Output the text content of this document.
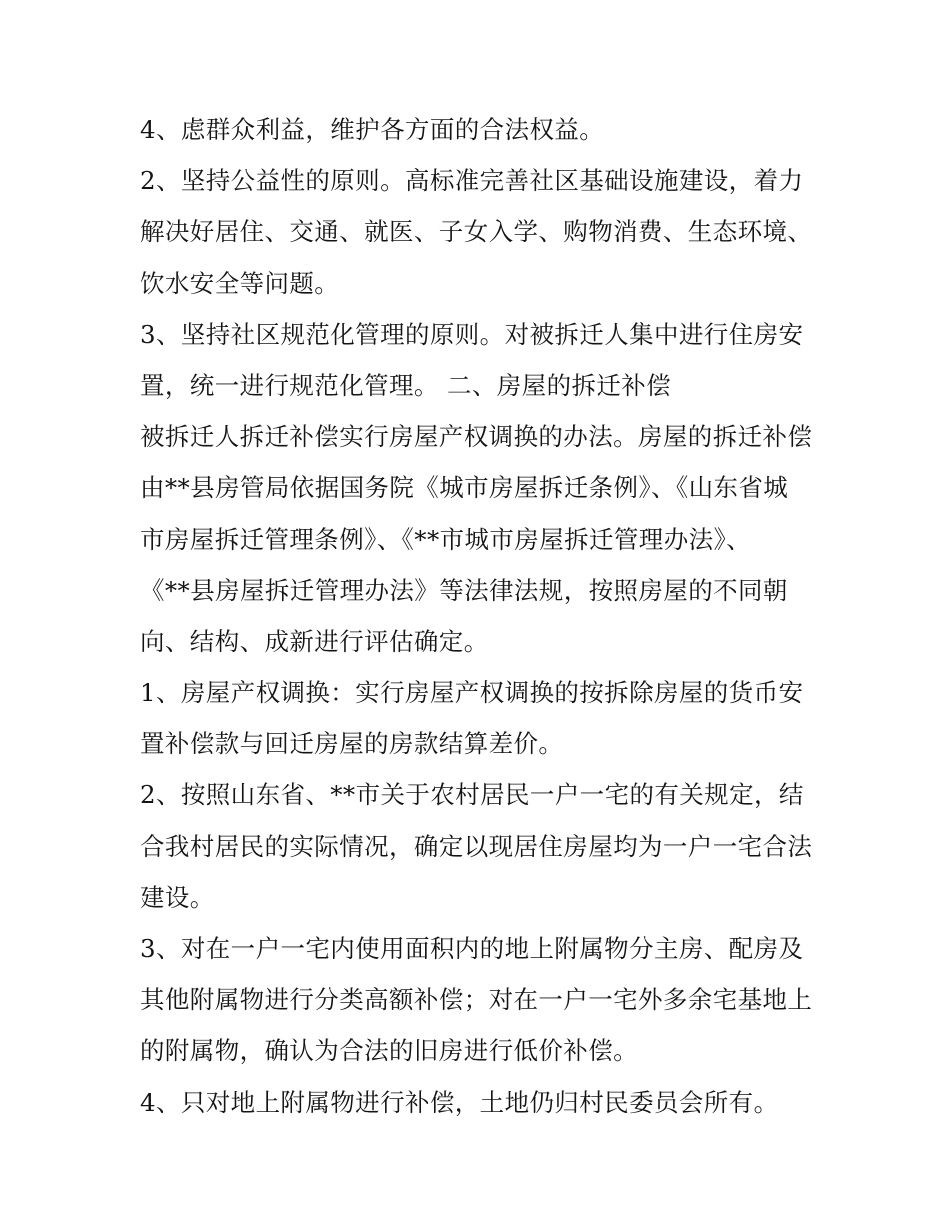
4、虑群众利益，维护各方面的合法权益。
2、坚持公益性的原则。高标准完善社区基础设施建设，着力
解决好居住、交通、就医、子女入学、购物消费、生态环境、
饮水安全等问题。
3、坚持社区规范化管理的原则。对被拆迁人集中进行住房安
置，统一进行规范化管理。 二、房屋的拆迁补偿
被拆迁人拆迁补偿实行房屋产权调换的办法。房屋的拆迁补偿
由**县房管局依据国务院《城市房屋拆迁条例》、《山东省城
市房屋拆迁管理条例》、《**市城市房屋拆迁管理办法》、
《**县房屋拆迁管理办法》等法律法规，按照房屋的不同朝
向、结构、成新进行评估确定。
1、房屋产权调换：实行房屋产权调换的按拆除房屋的货币安
置补偿款与回迁房屋的房款结算差价。
2、按照山东省、**市关于农村居民一户一宅的有关规定，结
合我村居民的实际情况，确定以现居住房屋均为一户一宅合法
建设。
3、对在一户一宅内使用面积内的地上附属物分主房、配房及
其他附属物进行分类高额补偿；对在一户一宅外多余宅基地上
的附属物，确认为合法的旧房进行低价补偿。
4、只对地上附属物进行补偿，土地仍归村民委员会所有。
